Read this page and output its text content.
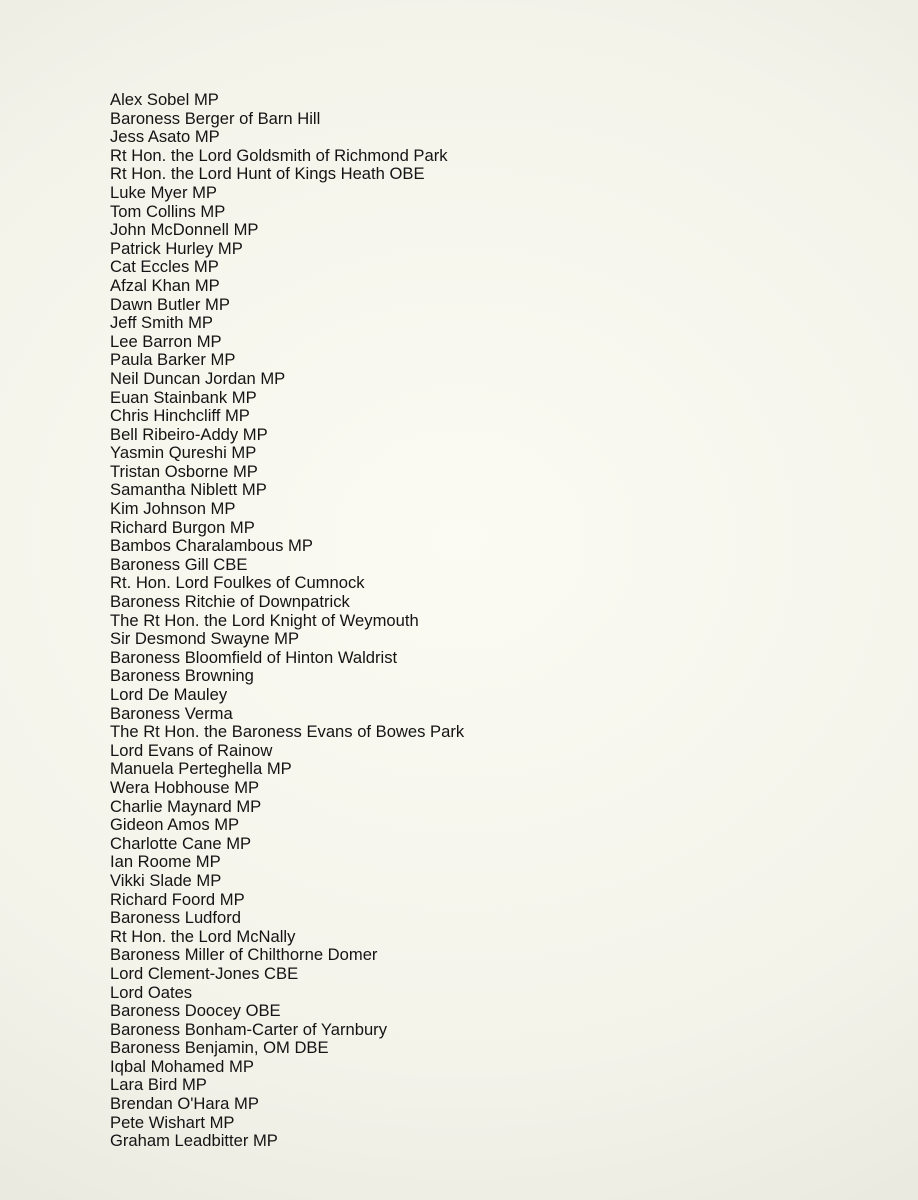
Alex Sobel MP
Baroness Berger of Barn Hill
Jess Asato MP
Rt Hon. the Lord Goldsmith of Richmond Park
Rt Hon. the Lord Hunt of Kings Heath OBE
Luke Myer MP
Tom Collins MP
John McDonnell MP
Patrick Hurley MP
Cat Eccles MP
Afzal Khan MP
Dawn Butler MP
Jeff Smith MP
Lee Barron MP
Paula Barker MP
Neil Duncan Jordan MP
Euan Stainbank MP
Chris Hinchcliff MP
Bell Ribeiro-Addy MP
Yasmin Qureshi MP
Tristan Osborne MP
Samantha Niblett MP
Kim Johnson MP
Richard Burgon MP
Bambos Charalambous MP
Baroness Gill CBE
Rt. Hon. Lord Foulkes of Cumnock
Baroness Ritchie of Downpatrick
The Rt Hon. the Lord Knight of Weymouth
Sir Desmond Swayne MP
Baroness Bloomfield of Hinton Waldrist
Baroness Browning
Lord De Mauley
Baroness Verma
The Rt Hon. the Baroness Evans of Bowes Park
Lord Evans of Rainow
Manuela Perteghella MP
Wera Hobhouse MP
Charlie Maynard MP
Gideon Amos MP
Charlotte Cane MP
Ian Roome MP
Vikki Slade MP
Richard Foord MP
Baroness Ludford
Rt Hon. the Lord McNally
Baroness Miller of Chilthorne Domer
Lord Clement-Jones CBE
Lord Oates
Baroness Doocey OBE
Baroness Bonham-Carter of Yarnbury
Baroness Benjamin, OM DBE
Iqbal Mohamed MP
Lara Bird MP
Brendan O'Hara MP
Pete Wishart MP
Graham Leadbitter MP
